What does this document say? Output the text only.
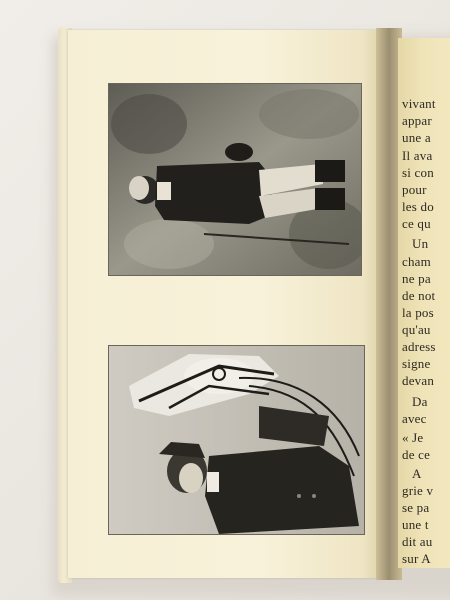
vivant
appar
une a
Il ava
si con
pour
les do
ce qu
Un
cham
ne pa
de not
la pos
qu'au
adress
signe
devan
Da
avec
« Je
de ce
A
grie v
se pa
une t
dit au
sur A
